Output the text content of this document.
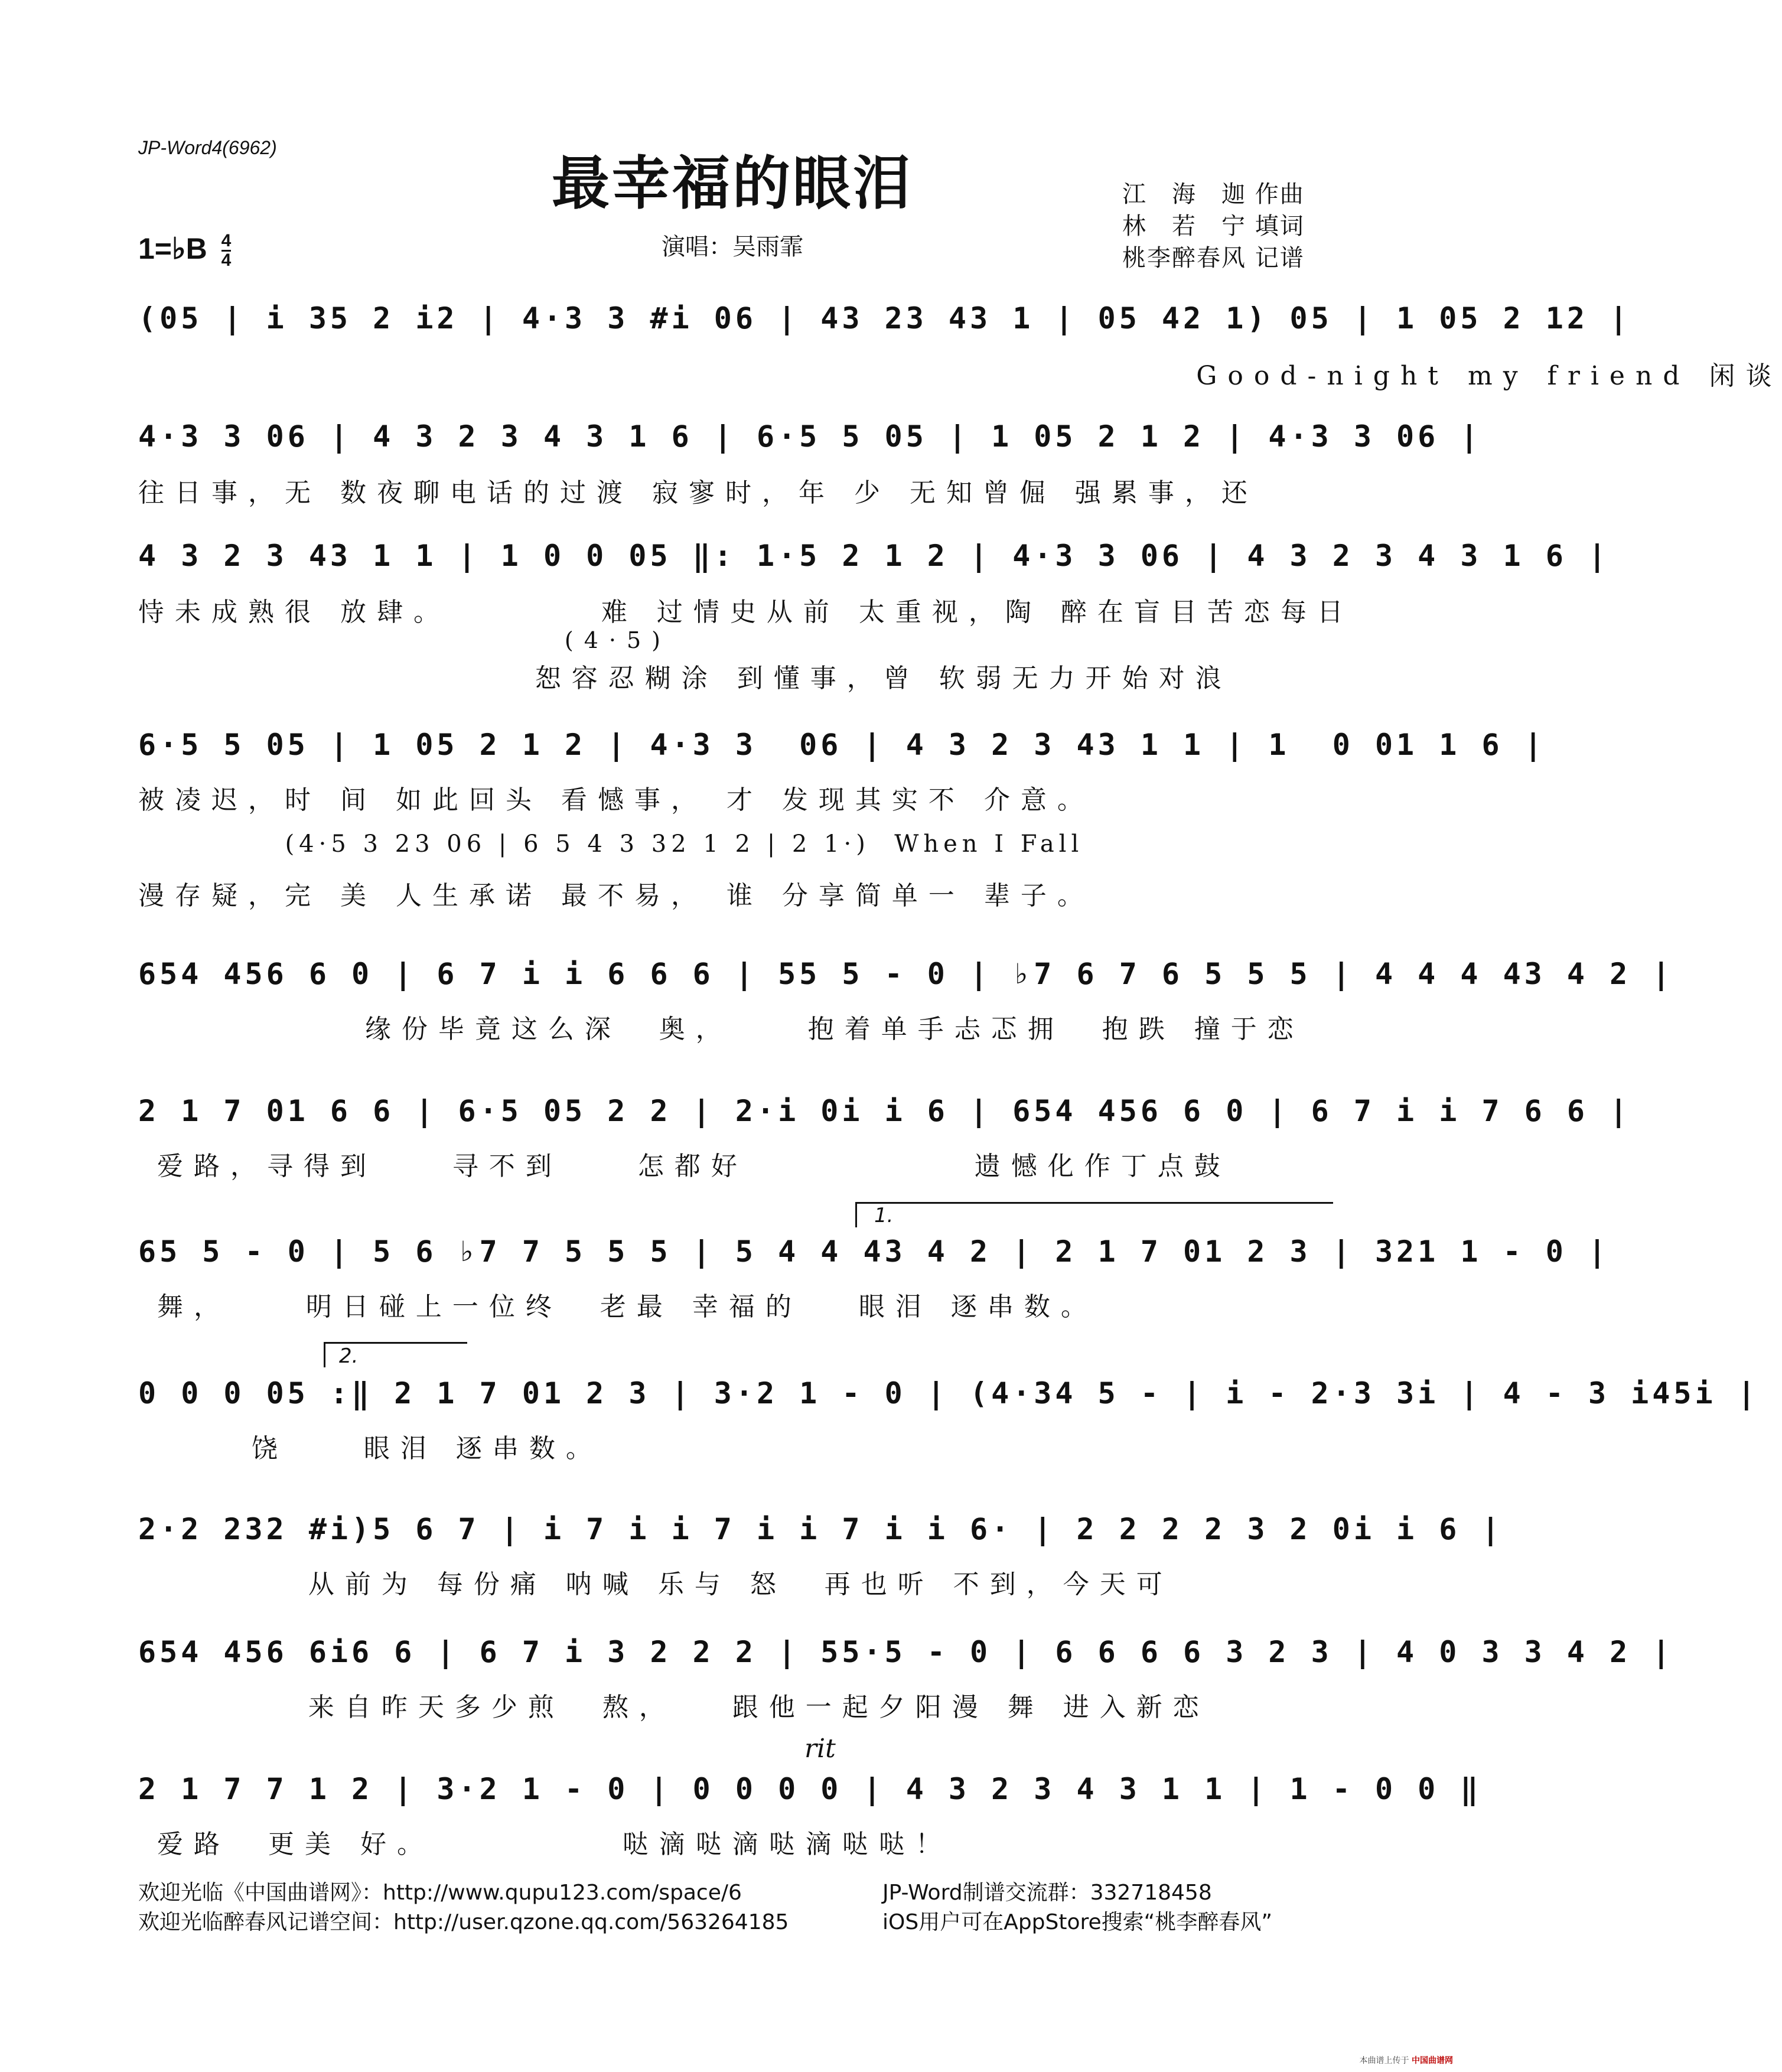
JP-Word4(6962)
最幸福的眼泪	江　海　迦 作曲
林　若　宁 填词
桃李醉春风 记谱
演唱：吴雨霏
1=♭B $\frac{4}{4}$
(05 | i 35 2 i2 | 4·3 3 #i 06 | 43 23 43 1 | 05 42 1) 05 | 1 05 2 12 |
Good-night my friend 闲谈
4·3 3 06 | 4 3 2 3 4 3 1 6 | 6·5 5 05 | 1 05 2 1 2 | 4·3 3 06 |
往日事，无 数夜聊电话的过渡 寂寥时，年 少 无知曾倔 强累事，还
4 3 2 3 43 1 1 | 1 0 0 05 ‖: 1·5 2 1 2 | 4·3 3 06 | 4 3 2 3 4 3 1 6 |
恃未成熟很 放肆。        难 过情史从前 太重视，陶 醉在盲目苦恋每日
(4·5)
恕容忍糊涂 到懂事，曾 软弱无力开始对浪
6·5 5 05 | 1 05 2 1 2 | 4·3 3  06 | 4 3 2 3 43 1 1 | 1  0 01 1 6 |
被凌迟，时 间 如此回头 看憾事， 才 发现其实不 介意。
(4·5 3 23 06 | 6 5 4 3 32 1 2 | 2 1·)  When I Fall
漫存疑，完 美 人生承诺 最不易， 谁 分享简单一 辈子。
654 456 6 0 | 6 7 i i 6 6 6 | 55 5 - 0 | ♭7 6 7 6 5 5 5 | 4 4 4 43 4 2 |
缘份毕竟这么深  奥，    抱着单手忐忑拥  抱跌 撞于恋
2 1 7 01 6 6 | 6·5 05 2 2 | 2·i 0i i 6 | 654 456 6 0 | 6 7 i i 7 6 6 |
爱路，寻得到    寻不到    怎都好            遗憾化作丁点鼓
65 5 - 0 | 5 6 ♭7 7 5 5 5 | 5 4 4 43 4 2 | 2 1 7 01 2 3 | 321 1 - 0 |
舞，    明日碰上一位终  老最 幸福的   眼泪 逐串数。
0 0 0 05 :‖ 2 1 7 01 2 3 | 3·2 1 - 0 | (4·34 5 - | i - 2·3 3i | 4 - 3 i45i |
饶    眼泪 逐串数。
2·2 232 #i)5 6 7 | i 7 i i 7 i i 7 i i 6· | 2 2 2 2 3 2 0i i 6 |
从前为 每份痛 呐喊 乐与 怒  再也听 不到，今天可
654 456 6i6 6 | 6 7 i 3 2 2 2 | 55·5 - 0 | 6 6 6 6 3 2 3 | 4 0 3 3 4 2 |
来自昨天多少煎  熬，   跟他一起夕阳漫 舞 进入新恋
rit
2 1 7 7 1 2 | 3·2 1 - 0 | 0 0 0 0 | 4 3 2 3 4 3 1 1 | 1 - 0 0 ‖
爱路  更美 好。          哒滴哒滴哒滴哒哒！
1.
2.
欢迎光临《中国曲谱网》：http://www.qupu123.com/space/6
欢迎光临醉春风记谱空间：http://user.qzone.qq.com/563264185
JP-Word制谱交流群：332718458
iOS用户可在AppStore搜索“桃李醉春风”
本曲谱上传于 中国曲谱网
